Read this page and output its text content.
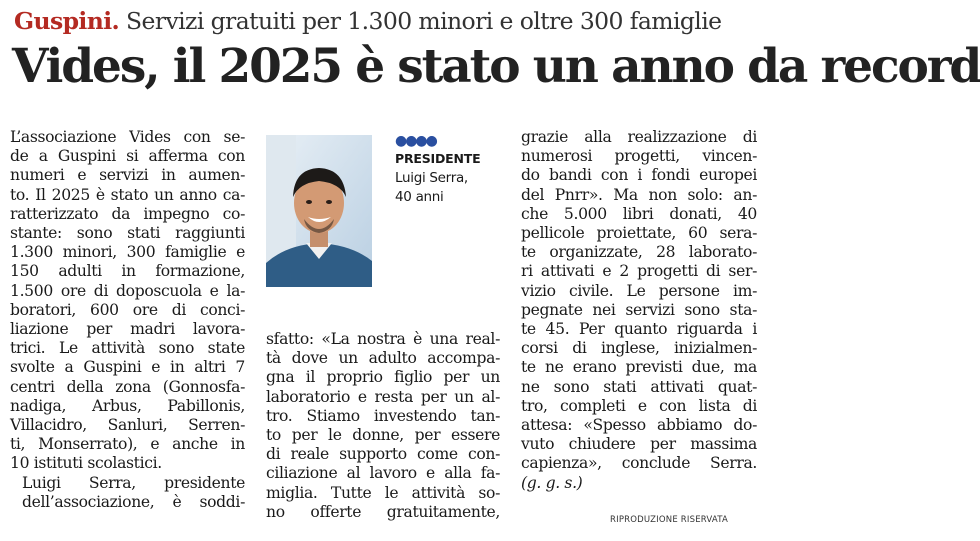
Guspini. Servizi gratuiti per 1.300 minori e oltre 300 famiglie
Vides, il 2025 è stato un anno da record

L’associazione Vides con se-
de a Guspini si afferma con
numeri e servizi in aumen-
to. Il 2025 è stato un anno ca-
ratterizzato da impegno co-
stante: sono stati raggiunti
1.300 minori, 300 famiglie e
150 adulti in formazione,
1.500 ore di doposcuola e la-
boratori, 600 ore di conci-
liazione per madri lavora-
trici. Le attività sono state
svolte a Guspini e in altri 7
centri della zona (Gonnosfa-
nadiga, Arbus, Pabillonis,
Villacidro, Sanluri, Serren-
ti, Monserrato), e anche in
10 istituti scolastici.

Luigi Serra, presidente
dell’associazione, è soddi-

●●●●
PRESIDENTE
Luigi Serra,
40 anni

sfatto: «La nostra è una real-
tà dove un adulto accompa-
gna il proprio figlio per un
laboratorio e resta per un al-
tro. Stiamo investendo tan-
to per le donne, per essere
di reale supporto come con-
ciliazione al lavoro e alla fa-
miglia. Tutte le attività so-
no offerte gratuitamente,

grazie alla realizzazione di
numerosi progetti, vincen-
do bandi con i fondi europei
del Pnrr». Ma non solo: an-
che 5.000 libri donati, 40
pellicole proiettate, 60 sera-
te organizzate, 28 laborato-
ri attivati e 2 progetti di ser-
vizio civile. Le persone im-
pegnate nei servizi sono sta-
te 45. Per quanto riguarda i
corsi di inglese, inizialmen-
te ne erano previsti due, ma
ne sono stati attivati quat-
tro, completi e con lista di
attesa: «Spesso abbiamo do-
vuto chiudere per massima
capienza», conclude Serra.

(g. g. s.)

RIPRODUZIONE RISERVATA
